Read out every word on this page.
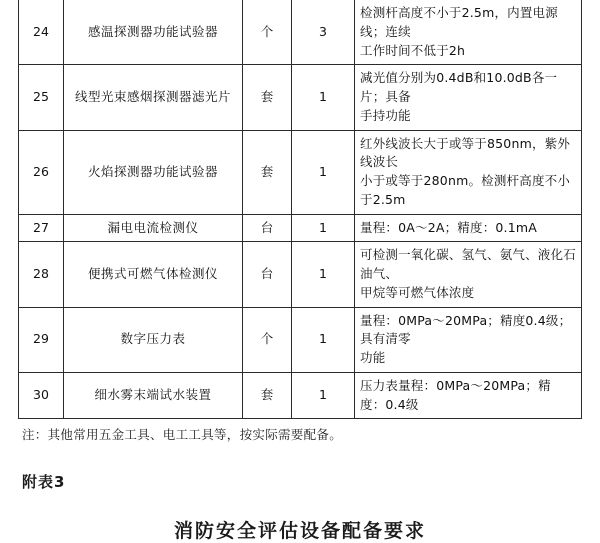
24	感温探测器功能试验器	个	3	检测杆高度不小于2.5m，内置电源线；连续
工作时间不低于2h

25	线型光束感烟探测器滤光片	套	1	减光值分别为0.4dB和10.0dB各一片；具备
手持功能

26	火焰探测器功能试验器	套	1	红外线波长大于或等于850nm，紫外线波长
小于或等于280nm。检测杆高度不小于2.5m

27	漏电电流检测仪	台	1	量程：0A～2A；精度：0.1mA

28	便携式可燃气体检测仪	台	1	可检测一氧化碳、氢气、氨气、液化石油气、
甲烷等可燃气体浓度

29	数字压力表	个	1	量程：0MPa～20MPa；精度0.4级；具有清零
功能

30	细水雾末端试水装置	套	1	压力表量程：0MPa～20MPa；精度：0.4级
注：其他常用五金工具、电工工具等，按实际需要配备。
附表3
消防安全评估设备配备要求
